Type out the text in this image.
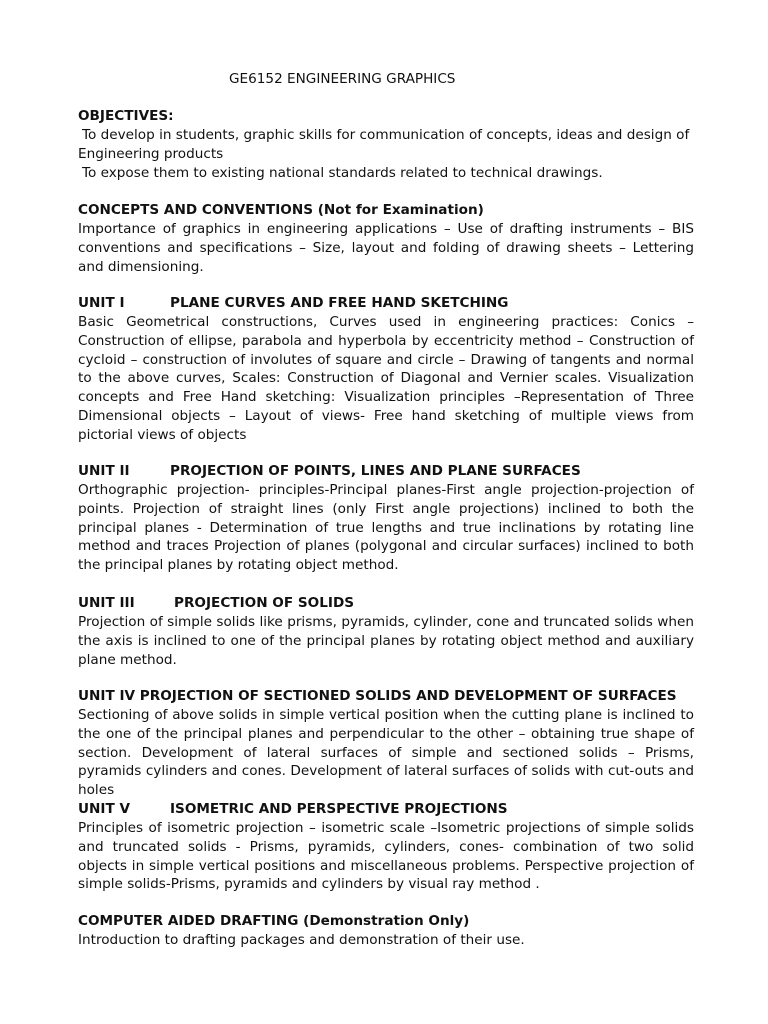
GE6152 ENGINEERING GRAPHICS
OBJECTIVES:
To develop in students, graphic skills for communication of concepts, ideas and design of
Engineering products
To expose them to existing national standards related to technical drawings.
CONCEPTS AND CONVENTIONS (Not for Examination)

Importance of graphics in engineering applications – Use of drafting instruments – BIS conventions and specifications – Size, layout and folding of drawing sheets – Lettering and dimensioning.

UNIT I	PLANE CURVES AND FREE HAND SKETCHING

Basic Geometrical constructions, Curves used in engineering practices: Conics – Construction of ellipse, parabola and hyperbola by eccentricity method – Construction of cycloid – construction of involutes of square and circle – Drawing of tangents and normal to the above curves, Scales: Construction of Diagonal and Vernier scales. Visualization concepts and Free Hand sketching: Visualization principles –Representation of Three Dimensional objects – Layout of views- Free hand sketching of multiple views from pictorial views of objects

UNIT II	PROJECTION OF POINTS, LINES AND PLANE SURFACES

Orthographic projection- principles-Principal planes-First angle projection-projection of points. Projection of straight lines (only First angle projections) inclined to both the principal planes - Determination of true lengths and true inclinations by rotating line method and traces Projection of planes (polygonal and circular surfaces) inclined to both the principal planes by rotating object method.

UNIT III	PROJECTION OF SOLIDS

Projection of simple solids like prisms, pyramids, cylinder, cone and truncated solids when the axis is inclined to one of the principal planes by rotating object method and auxiliary plane method.

UNIT IV PROJECTION OF SECTIONED SOLIDS AND DEVELOPMENT OF SURFACES

Sectioning of above solids in simple vertical position when the cutting plane is inclined to the one of the principal planes and perpendicular to the other – obtaining true shape of section. Development of lateral surfaces of simple and sectioned solids – Prisms, pyramids cylinders and cones. Development of lateral surfaces of solids with cut-outs and holes

UNIT V	ISOMETRIC AND PERSPECTIVE PROJECTIONS

Principles of isometric projection – isometric scale –Isometric projections of simple solids and truncated solids - Prisms, pyramids, cylinders, cones- combination of two solid objects in simple vertical positions and miscellaneous problems. Perspective projection of simple solids-Prisms, pyramids and cylinders by visual ray method .

COMPUTER AIDED DRAFTING (Demonstration Only)

Introduction to drafting packages and demonstration of their use.
